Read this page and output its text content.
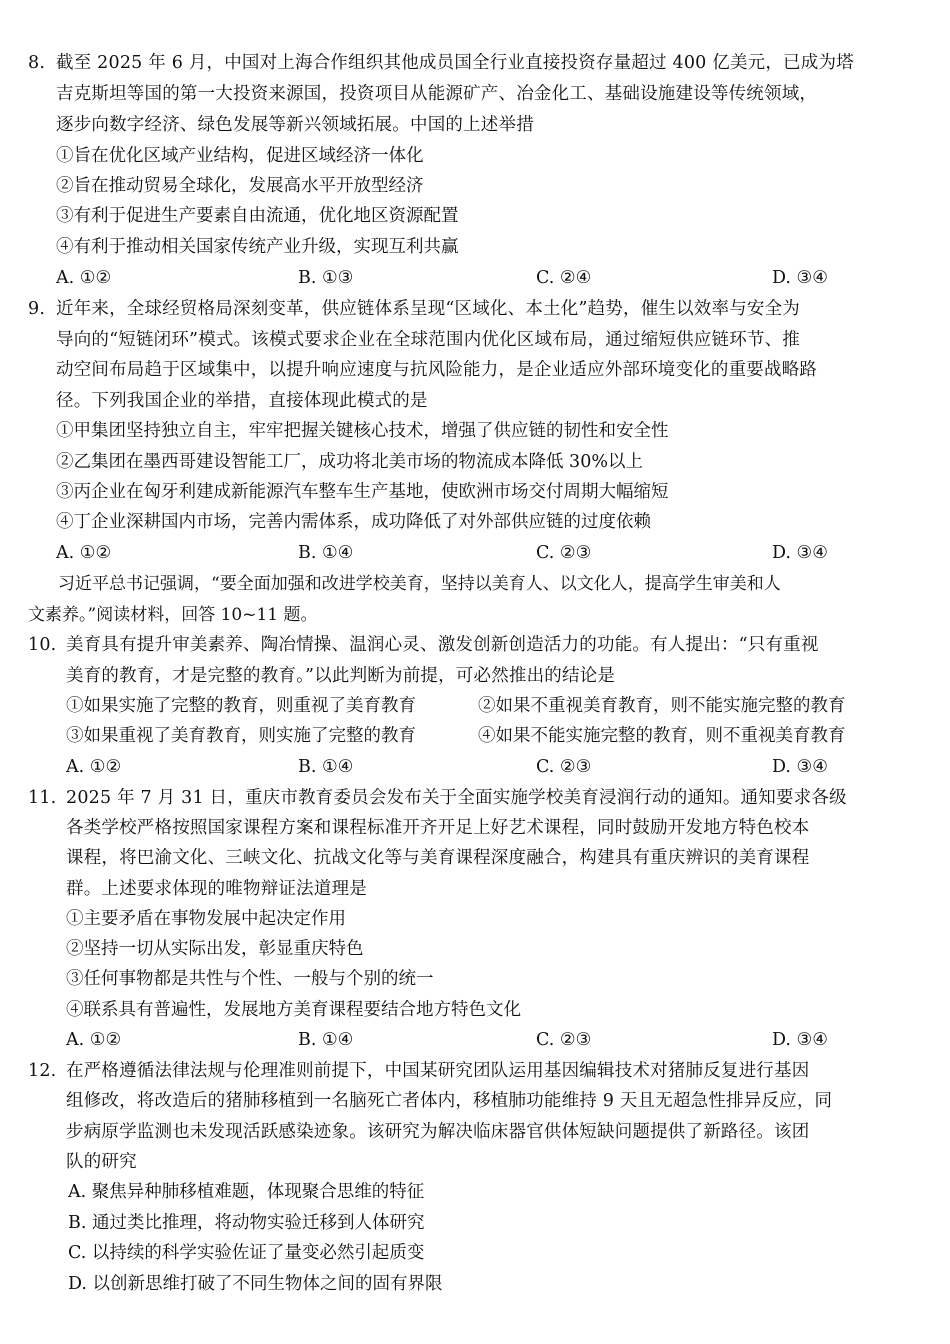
8. 截至 2025 年 6 月，中国对上海合作组织其他成员国全行业直接投资存量超过 400 亿美元，已成为塔
吉克斯坦等国的第一大投资来源国，投资项目从能源矿产、冶金化工、基础设施建设等传统领域，
逐步向数字经济、绿色发展等新兴领域拓展。中国的上述举措
①旨在优化区域产业结构，促进区域经济一体化
②旨在推动贸易全球化，发展高水平开放型经济
③有利于促进生产要素自由流通，优化地区资源配置
④有利于推动相关国家传统产业升级，实现互利共赢
A. ①②	B. ①③	C. ②④	D. ③④
9. 近年来，全球经贸格局深刻变革，供应链体系呈现“区域化、本土化”趋势，催生以效率与安全为
导向的“短链闭环”模式。该模式要求企业在全球范围内优化区域布局，通过缩短供应链环节、推
动空间布局趋于区域集中，以提升响应速度与抗风险能力，是企业适应外部环境变化的重要战略路
径。下列我国企业的举措，直接体现此模式的是
①甲集团坚持独立自主，牢牢把握关键核心技术，增强了供应链的韧性和安全性
②乙集团在墨西哥建设智能工厂，成功将北美市场的物流成本降低 30%以上
③丙企业在匈牙利建成新能源汽车整车生产基地，使欧洲市场交付周期大幅缩短
④丁企业深耕国内市场，完善内需体系，成功降低了对外部供应链的过度依赖
A. ①②	B. ①④	C. ②③	D. ③④
习近平总书记强调，“要全面加强和改进学校美育，坚持以美育人、以文化人，提高学生审美和人
文素养。”阅读材料，回答 10~11 题。
10. 美育具有提升审美素养、陶冶情操、温润心灵、激发创新创造活力的功能。有人提出：“只有重视
美育的教育，才是完整的教育。”以此判断为前提，可必然推出的结论是
①如果实施了完整的教育，则重视了美育教育	②如果不重视美育教育，则不能实施完整的教育
③如果重视了美育教育，则实施了完整的教育	④如果不能实施完整的教育，则不重视美育教育
A. ①②	B. ①④	C. ②③	D. ③④
11. 2025 年 7 月 31 日，重庆市教育委员会发布关于全面实施学校美育浸润行动的通知。通知要求各级
各类学校严格按照国家课程方案和课程标准开齐开足上好艺术课程，同时鼓励开发地方特色校本
课程，将巴渝文化、三峡文化、抗战文化等与美育课程深度融合，构建具有重庆辨识的美育课程
群。上述要求体现的唯物辩证法道理是
①主要矛盾在事物发展中起决定作用
②坚持一切从实际出发，彰显重庆特色
③任何事物都是共性与个性、一般与个别的统一
④联系具有普遍性，发展地方美育课程要结合地方特色文化
A. ①②	B. ①④	C. ②③	D. ③④
12. 在严格遵循法律法规与伦理准则前提下，中国某研究团队运用基因编辑技术对猪肺反复进行基因
组修改，将改造后的猪肺移植到一名脑死亡者体内，移植肺功能维持 9 天且无超急性排异反应，同
步病原学监测也未发现活跃感染迹象。该研究为解决临床器官供体短缺问题提供了新路径。该团
队的研究
A. 聚焦异种肺移植难题，体现聚合思维的特征
B. 通过类比推理，将动物实验迁移到人体研究
C. 以持续的科学实验佐证了量变必然引起质变
D. 以创新思维打破了不同生物体之间的固有界限
